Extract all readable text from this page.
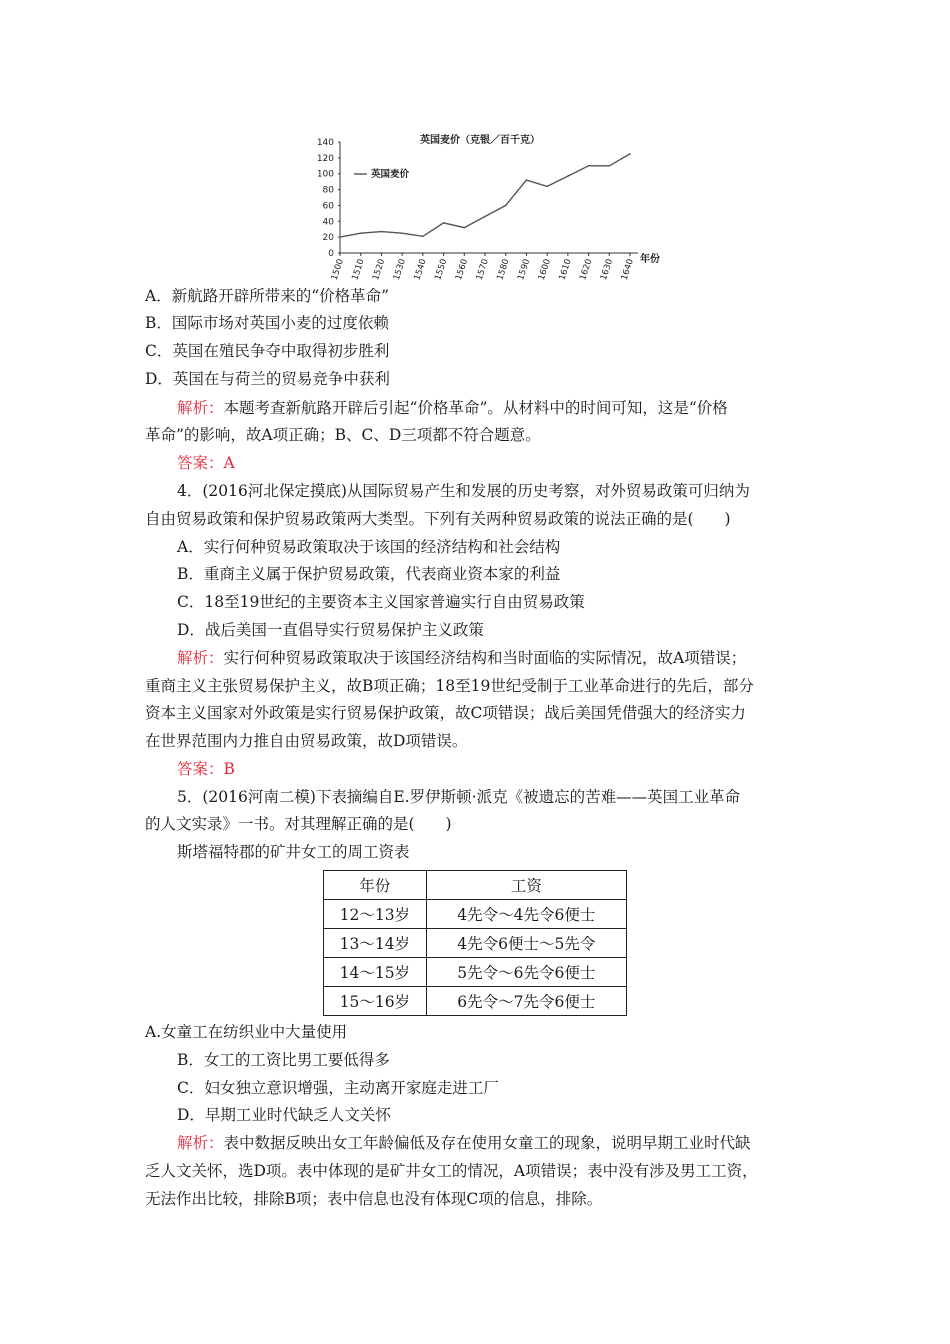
英国麦价（克银／百千克）
0
20
40
60
80
100
120
140
1500 1510 1520 1530 1540 1550 1560 1570 1580 1590 1600 1610 1620 1630 1640
英国麦价
年份
A．新航路开辟所带来的“价格革命”
B．国际市场对英国小麦的过度依赖
C．英国在殖民争夺中取得初步胜利
D．英国在与荷兰的贸易竞争中获利
解析：本题考查新航路开辟后引起“价格革命”。从材料中的时间可知，这是“价格
革命”的影响，故A项正确；B、C、D三项都不符合题意。
答案：A
4．(2016河北保定摸底)从国际贸易产生和发展的历史考察，对外贸易政策可归纳为
自由贸易政策和保护贸易政策两大类型。下列有关两种贸易政策的说法正确的是(　　)
A．实行何种贸易政策取决于该国的经济结构和社会结构
B．重商主义属于保护贸易政策，代表商业资本家的利益
C．18至19世纪的主要资本主义国家普遍实行自由贸易政策
D．战后美国一直倡导实行贸易保护主义政策
解析：实行何种贸易政策取决于该国经济结构和当时面临的实际情况，故A项错误；
重商主义主张贸易保护主义，故B项正确；18至19世纪受制于工业革命进行的先后，部分
资本主义国家对外政策是实行贸易保护政策，故C项错误；战后美国凭借强大的经济实力
在世界范围内力推自由贸易政策，故D项错误。
答案：B
5．(2016河南二模)下表摘编自E.罗伊斯顿·派克《被遗忘的苦难——英国工业革命
的人文实录》一书。对其理解正确的是(　　)
斯塔福特郡的矿井女工的周工资表
年份	工资
12～13岁	4先令～4先令6便士
13～14岁	4先令6便士～5先令
14～15岁	5先令～6先令6便士
15～16岁	6先令～7先令6便士
A.女童工在纺织业中大量使用
B．女工的工资比男工要低得多
C．妇女独立意识增强，主动离开家庭走进工厂
D．早期工业时代缺乏人文关怀
解析：表中数据反映出女工年龄偏低及存在使用女童工的现象，说明早期工业时代缺
乏人文关怀，选D项。表中体现的是矿井女工的情况，A项错误；表中没有涉及男工工资，
无法作出比较，排除B项；表中信息也没有体现C项的信息，排除。
